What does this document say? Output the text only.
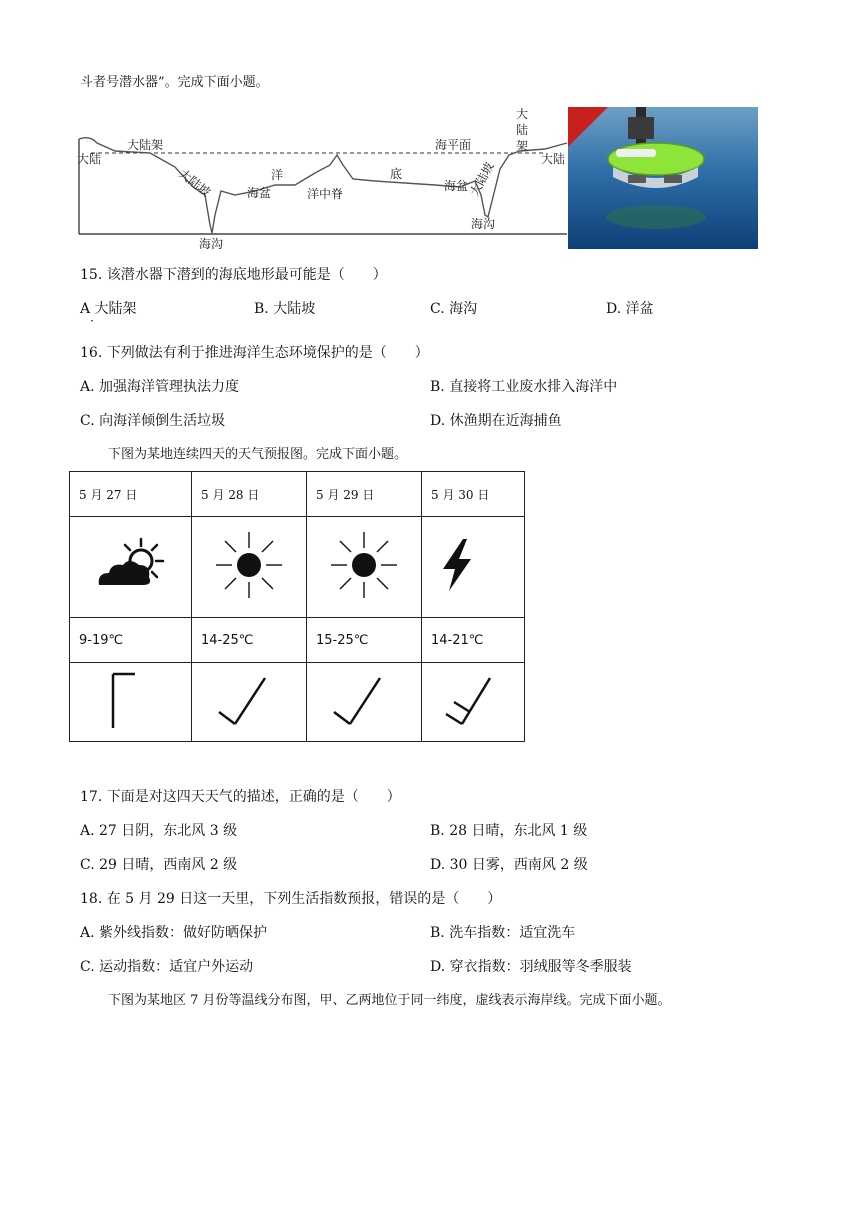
斗者号潜水器”。完成下面小题。
大陆
大陆架
大陆坡
海沟
洋
海盆	洋中脊
底
海盆
海平面
大陆坡
海沟
大
陆
架
大陆
15. 该潜水器下潜到的海底地形最可能是（　　）
A 大陆架	B. 大陆坡	C. 海沟	D. 洋盆
·
16. 下列做法有利于推进海洋生态环境保护的是（　　）
A. 加强海洋管理执法力度	B. 直接将工业废水排入海洋中
C. 向海洋倾倒生活垃圾	D. 休渔期在近海捕鱼
下图为某地连续四天的天气预报图。完成下面小题。
5 月 27 日	5 月 28 日	5 月 29 日	5 月 30 日

9-19℃	14-25℃	15-25℃	14-21℃

17. 下面是对这四天天气的描述，正确的是（　　）
A. 27 日阴，东北风 3 级	B. 28 日晴，东北风 1 级
C. 29 日晴，西南风 2 级	D. 30 日雾，西南风 2 级
18. 在 5 月 29 日这一天里，下列生活指数预报，错误的是（　　）
A. 紫外线指数：做好防晒保护	B. 洗车指数：适宜洗车
C. 运动指数：适宜户外运动	D. 穿衣指数：羽绒服等冬季服装
下图为某地区 7 月份等温线分布图，甲、乙两地位于同一纬度，虚线表示海岸线。完成下面小题。
